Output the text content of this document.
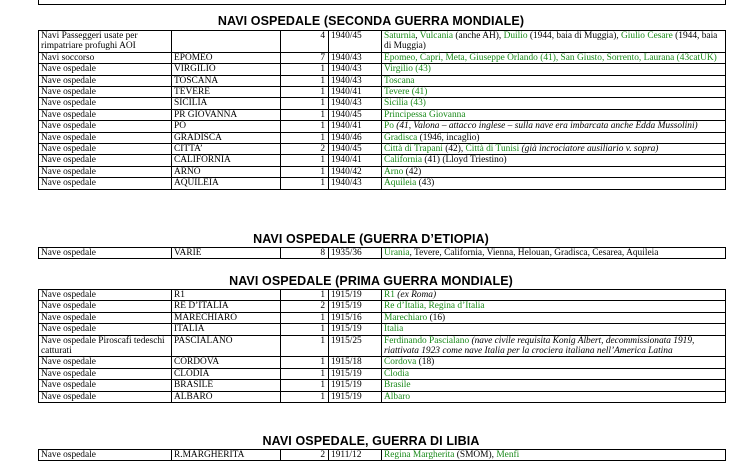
NAVI OSPEDALE (SECONDA GUERRA MONDIALE)
Navi Passeggeri usate per rimpatriare profughi AOI		4	1940/45	Saturnia, Vulcania (anche AH), Duilio (1944, baia di Muggia), Giulio Cesare (1944, baia di Muggia)
Navi soccorso	EPOMEO	7	1940/43	Epomeo, Capri, Meta, Giuseppe Orlando (41), San Giusto, Sorrento, Laurana (43catUK)
Nave ospedale	VIRGILIO	1	1940/43	Virgilio (43)
Nave ospedale	TOSCANA	1	1940/43	Toscana
Nave ospedale	TEVERE	1	1940/41	Tevere (41)
Nave ospedale	SICILIA	1	1940/43	Sicilia (43)
Nave ospedale	PR GIOVANNA	1	1940/45	Principessa Giovanna
Nave ospedale	PO	1	1940/41	Po (41, Valona – attacco inglese – sulla nave era imbarcata anche Edda Mussolini)
Nave ospedale	GRADISCA	1	1940/46	Gradisca (1946, incaglio)
Nave ospedale	CITTA’	2	1940/45	Città di Trapani (42), Città di Tunisi (già incrociatore ausiliario v. sopra)
Nave ospedale	CALIFORNIA	1	1940/41	California (41) (Lloyd Triestino)
Nave ospedale	ARNO	1	1940/42	Arno (42)
Nave ospedale	AQUILEIA	1	1940/43	Aquileia (43)
NAVI OSPEDALE (GUERRA D’ETIOPIA)
Nave ospedale	VARIE	8	1935/36	Urania, Tevere, California, Vienna, Helouan, Gradisca, Cesarea, Aquileia
NAVI OSPEDALE (PRIMA GUERRA MONDIALE)
Nave ospedale	R1	1	1915/19	R1 (ex Roma)
Nave ospedale	RE D’ITALIA	2	1915/19	Re d’Italia, Regina d’Italia
Nave ospedale	MARECHIARO	1	1915/16	Marechiaro (16)
Nave ospedale	ITALIA	1	1915/19	Italia
Nave ospedale Piroscafi tedeschi catturati	PASCIALANO	1	1915/25	Ferdinando Pascialano (nave civile requisita Konig Albert, decommissionata 1919, riattivata 1923 come nave Italia per la crociera italiana nell’America Latina
Nave ospedale	CORDOVA	1	1915/18	Cordova (18)
Nave ospedale	CLODIA	1	1915/19	Clodia
Nave ospedale	BRASILE	1	1915/19	Brasile
Nave ospedale	ALBARO	1	1915/19	Albaro
NAVI OSPEDALE, GUERRA DI LIBIA
Nave ospedale	R.MARGHERITA	2	1911/12	Regina Margherita (SMOM), Menfi
